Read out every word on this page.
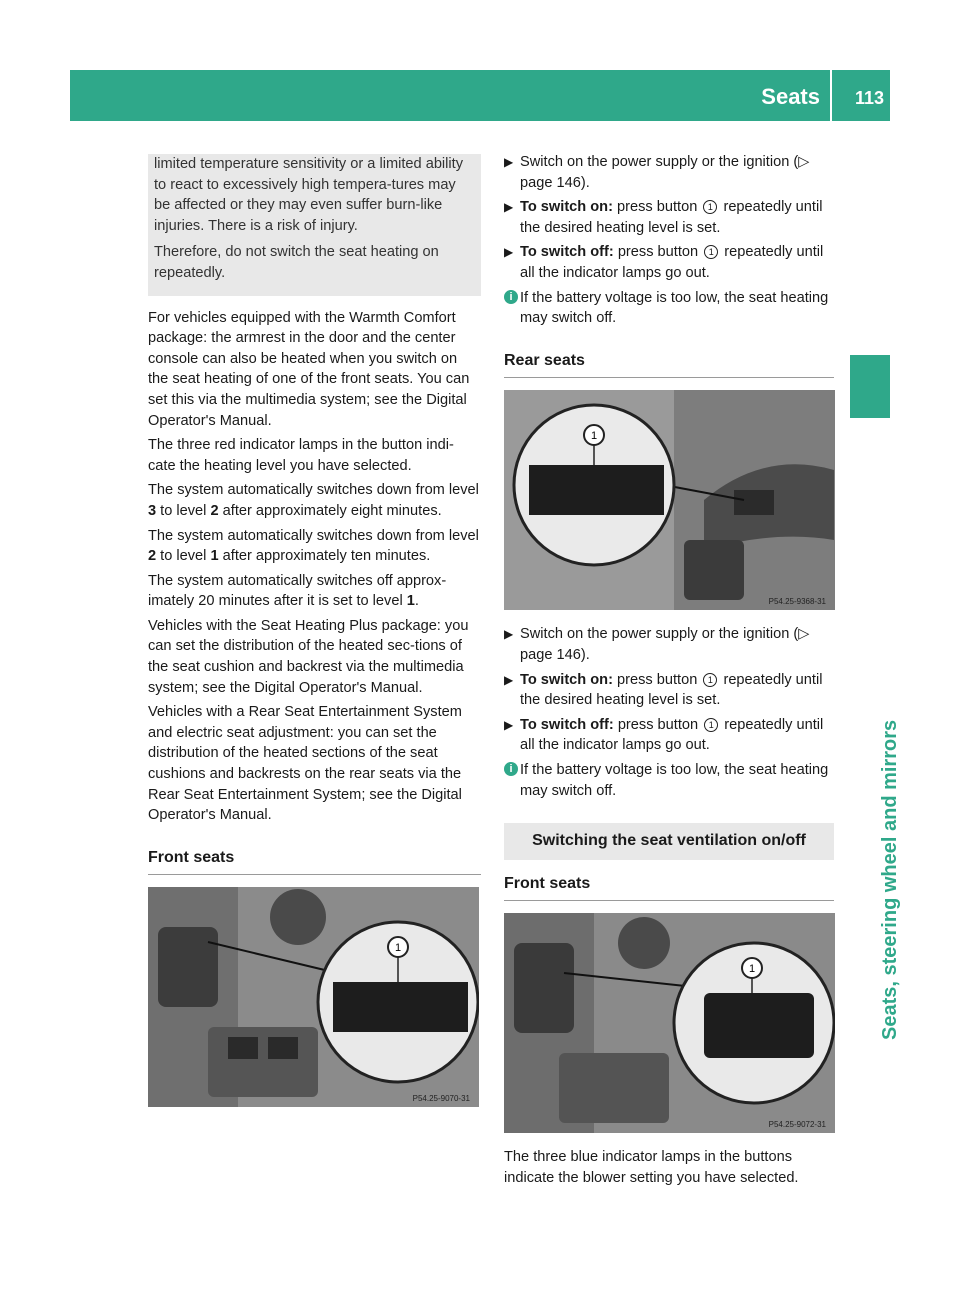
Seats 113
Seats, steering wheel and mirrors

limited temperature sensitivity or a limited ability to react to excessively high tempera-tures may be affected or they may even suffer burn-like injuries. There is a risk of injury.

Therefore, do not switch the seat heating on repeatedly.

For vehicles equipped with the Warmth Comfort package: the armrest in the door and the center console can also be heated when you switch on the seat heating of one of the front seats. You can set this via the multimedia system; see the Digital Operator's Manual.

The three red indicator lamps in the button indi-cate the heating level you have selected.

The system automatically switches down from level 3 to level 2 after approximately eight minutes.

The system automatically switches down from level 2 to level 1 after approximately ten minutes.

The system automatically switches off approx-imately 20 minutes after it is set to level 1.

Vehicles with the Seat Heating Plus package: you can set the distribution of the heated sec-tions of the seat cushion and backrest via the multimedia system; see the Digital Operator's Manual.

Vehicles with a Rear Seat Entertainment System and electric seat adjustment: you can set the distribution of the heated sections of the seat cushions and backrests on the rear seats via the Rear Seat Entertainment System; see the Digital Operator's Manual.

Front seats
1
P54.25-9070-31
▶ Switch on the power supply or the ignition (▷ page 146).
▶ To switch on: press button 1 repeatedly until the desired heating level is set.
▶ To switch off: press button 1 repeatedly until all the indicator lamps go out.
i If the battery voltage is too low, the seat heating may switch off.
Rear seats
1
P54.25-9368-31
▶ Switch on the power supply or the ignition (▷ page 146).
▶ To switch on: press button 1 repeatedly until the desired heating level is set.
▶ To switch off: press button 1 repeatedly until all the indicator lamps go out.
i If the battery voltage is too low, the seat heating may switch off.
Switching the seat ventilation on/off
Front seats
1
P54.25-9072-31

The three blue indicator lamps in the buttons indicate the blower setting you have selected.
